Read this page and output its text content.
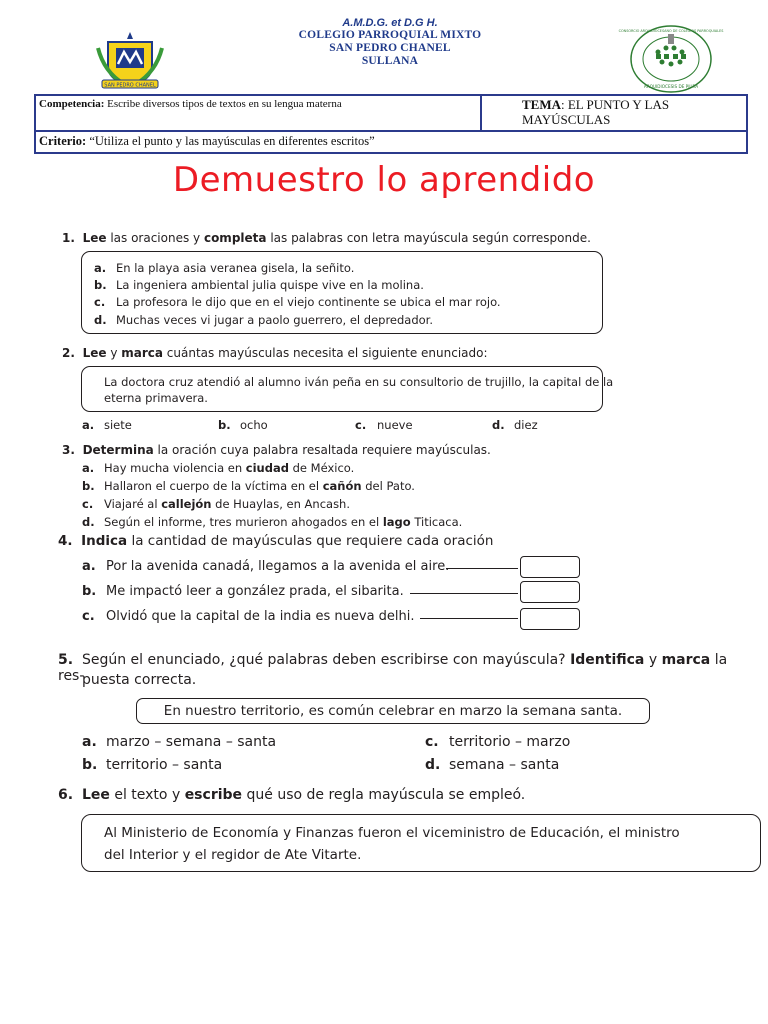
SAN PEDRO CHANEL
A.M.D.G. et D.G H.
COLEGIO PARROQUIAL MIXTO
SAN PEDRO CHANEL
SULLANA
ARQUIDIOCESIS DE PIURA
CONSORCIO ARQUIDIOCESANO DE COLEGIOS PARROQUIALES
Competencia: Escribe diversos tipos de textos en su lengua materna	TEMA: EL PUNTO Y LAS MAYÚSCULAS
Criterio: “Utiliza el punto y las mayúsculas en diferentes escritos”
Demuestro lo aprendido
1. Lee las oraciones y completa las palabras con letra mayúscula según corresponde.
a. En la playa asia veranea gisela, la señito.
b. La ingeniera ambiental julia quispe vive en la molina.
c. La profesora le dijo que en el viejo continente se ubica el mar rojo.
d. Muchas veces vi jugar a paolo guerrero, el depredador.
2. Lee y marca cuántas mayúsculas necesita el siguiente enunciado:
La doctora cruz atendió al alumno iván peña en su consultorio de trujillo, la capital de la
eterna primavera.
a. siete	b. ocho	c. nueve	d. diez
3. Determina la oración cuya palabra resaltada requiere mayúsculas.
a. Hay mucha violencia en ciudad de México.
b. Hallaron el cuerpo de la víctima en el cañón del Pato.
c. Viajaré al callejón de Huaylas, en Ancash.
d. Según el informe, tres murieron ahogados en el lago Titicaca.
4. Indica la cantidad de mayúsculas que requiere cada oración
a. Por la avenida canadá, llegamos a la avenida el aire.
b. Me impactó leer a gonzález prada, el sibarita.
c. Olvidó que la capital de la india es nueva delhi.
5. Según el enunciado, ¿qué palabras deben escribirse con mayúscula? Identifica y marca la res-
puesta correcta.
En nuestro territorio, es común celebrar en marzo la semana santa.
a. marzo – semana – santa
b. territorio – santa
c. territorio – marzo
d. semana – santa
6. Lee el texto y escribe qué uso de regla mayúscula se empleó.
Al Ministerio de Economía y Finanzas fueron el viceministro de Educación, el ministro
del Interior y el regidor de Ate Vitarte.
